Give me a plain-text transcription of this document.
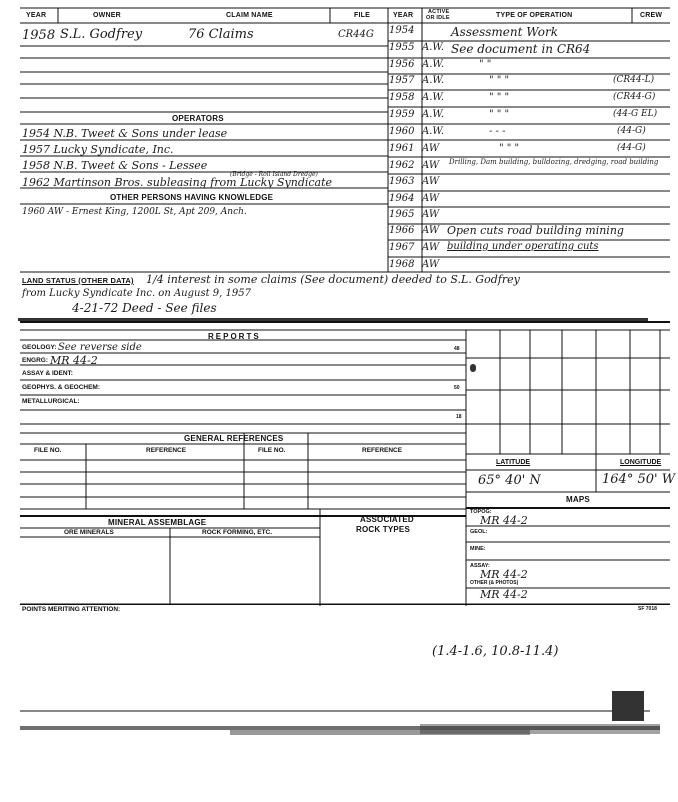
YEAR	OWNER	CLAIM NAME	FILE	YEAR	ACTIVE
OR IDLE	TYPE OF OPERATION	CREW
1958 S.L. Godfrey	76 Claims	CR44G
OPERATORS
1954 N.B. Tweet & Sons under lease
1957 Lucky Syndicate, Inc.
1958 N.B. Tweet & Sons - Lessee
(Bridge - Roll Island Dredge)
1962 Martinson Bros. subleasing from Lucky Syndicate
OTHER PERSONS HAVING KNOWLEDGE
1960 AW - Ernest King, 1200L St, Apt 209, Anch.
1954	Assessment Work
1955 A.W. See document in CR64
1956 A.W.	" "
1957 A.W.	" " "	(CR44-L)
1958 A.W.	" " "	(CR44-G)
1959 A.W.	" " "	(44-G EL)
1960 A.W.	- - -	(44-G)
1961 AW	" " "	(44-G)
1962 AW Drilling, Dam building, bulldozing, dredging, road building
1963 AW
1964 AW
1965 AW
1966 AW Open cuts road building mining
1967 AW building under operating cuts
1968 AW
LAND STATUS (OTHER DATA) 1/4 interest in some claims (See document) deeded to S.L. Godfrey
from Lucky Syndicate Inc. on August 9, 1957
4-21-72 Deed - See files
REPORTS
GEOLOGY: See reverse side	48
ENGRG: MR 44-2
ASSAY & IDENT:
50
GEOPHYS. & GEOCHEM:
METALLURGICAL:
18
GENERAL REFERENCES
FILE NO.	REFERENCE	FILE NO.	REFERENCE
LATITUDE	LONGITUDE
65° 40' N	164° 50' W
MAPS
TOPOG:
MR 44-2
GEOL:
MINE:
ASSAY:
MR 44-2
OTHER (& PHOTOS)
MR 44-2
MINERAL ASSEMBLAGE
ORE MINERALS	ROCK FORMING, ETC.
ASSOCIATED
ROCK TYPES
POINTS MERITING ATTENTION:	SF 7018
(1.4-1.6, 10.8-11.4)
